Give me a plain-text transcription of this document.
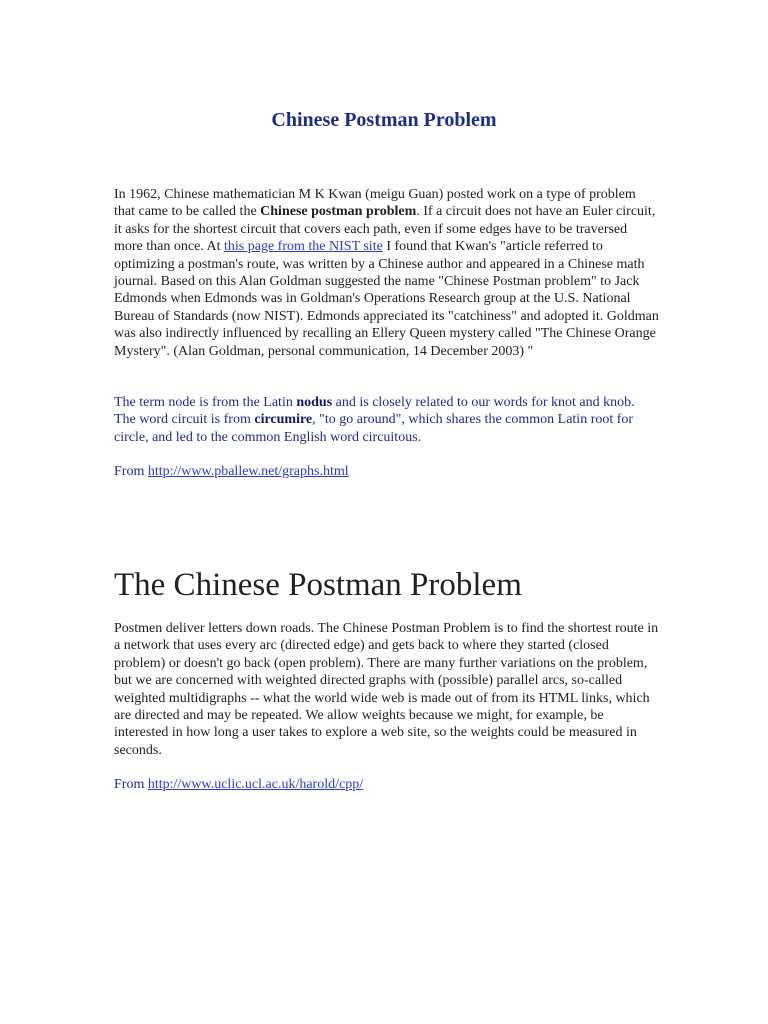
Chinese Postman Problem

In 1962, Chinese mathematician M K Kwan (meigu Guan) posted work on a type of problem that came to be called the Chinese postman problem. If a circuit does not have an Euler circuit, it asks for the shortest circuit that covers each path, even if some edges have to be traversed more than once. At this page from the NIST site I found that Kwan's "article referred to optimizing a postman's route, was written by a Chinese author and appeared in a Chinese math journal. Based on this Alan Goldman suggested the name "Chinese Postman problem" to Jack Edmonds when Edmonds was in Goldman's Operations Research group at the U.S. National Bureau of Standards (now NIST). Edmonds appreciated its "catchiness" and adopted it. Goldman was also indirectly influenced by recalling an Ellery Queen mystery called "The Chinese Orange Mystery". (Alan Goldman, personal communication, 14 December 2003) "

The term node is from the Latin nodus and is closely related to our words for knot and knob. The word circuit is from circumire, "to go around", which shares the common Latin root for circle, and led to the common English word circuitous.

From http://www.pballew.net/graphs.html

The Chinese Postman Problem

Postmen deliver letters down roads. The Chinese Postman Problem is to find the shortest route in a network that uses every arc (directed edge) and gets back to where they started (closed problem) or doesn't go back (open problem). There are many further variations on the problem, but we are concerned with weighted directed graphs with (possible) parallel arcs, so-called weighted multidigraphs -- what the world wide web is made out of from its HTML links, which are directed and may be repeated. We allow weights because we might, for example, be interested in how long a user takes to explore a web site, so the weights could be measured in seconds.

From http://www.uclic.ucl.ac.uk/harold/cpp/
